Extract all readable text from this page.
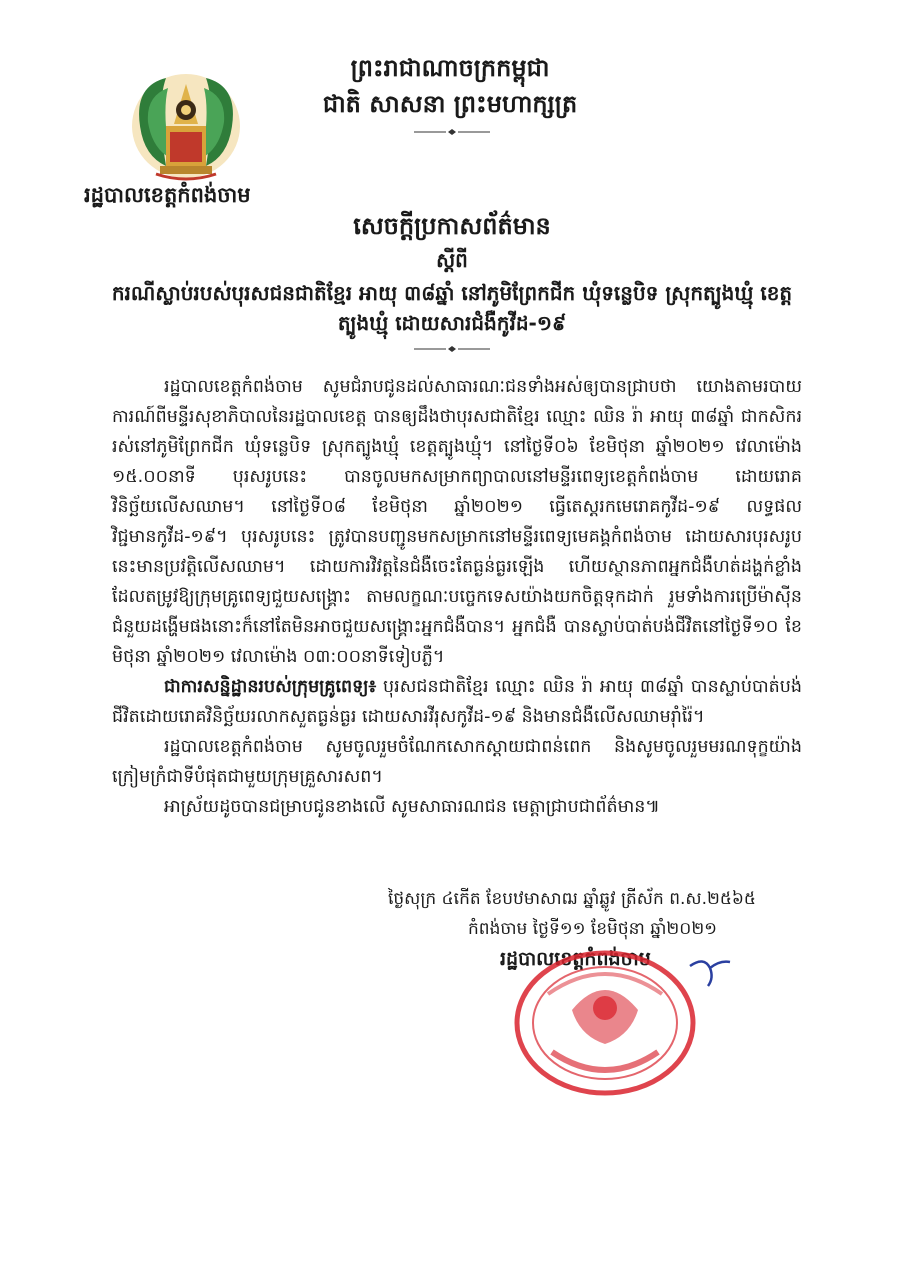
រដ្ឋបាលខេត្តកំពង់ចាម
ព្រះរាជាណាចក្រកម្ពុជា
ជាតិ សាសនា ព្រះមហាក្សត្រ
សេចក្តីប្រកាសព័ត៌មាន
ស្តីពី
ករណីស្លាប់របស់បុរសជនជាតិខ្មែរ អាយុ ៣៨ឆ្នាំ នៅភូមិព្រែកជីក ឃុំទន្លេបិទ ស្រុកត្បូងឃ្មុំ ខេត្តត្បូងឃ្មុំ ដោយសារជំងឺកូវីដ-១៩

រដ្ឋបាលខេត្តកំពង់ចាម សូមជំរាបជូនដល់សាធារណៈជនទាំងអស់ឲ្យបានជ្រាបថា យោងតាមរបាយការណ៍ពីមន្ទីរសុខាភិបាលនៃរដ្ឋបាលខេត្ត បានឲ្យដឹងថាបុរសជាតិខ្មែរ ឈ្មោះ ឈិន រ៉ា អាយុ ៣៨ឆ្នាំ ជាកសិករ រស់នៅភូមិព្រែកជីក ឃុំទន្លេបិទ ស្រុកត្បូងឃ្មុំ ខេត្តត្បូងឃ្មុំ។ នៅថ្ងៃទី០៦ ខែមិថុនា ឆ្នាំ២០២១ វេលាម៉ោង ១៥.០០នាទី បុរសរូបនេះ បានចូលមកសម្រាកព្យាបាលនៅមន្ទីរពេទ្យខេត្តកំពង់ចាម ដោយរោគវិនិច្ឆ័យលើសឈាម។ នៅថ្ងៃទី០៨ ខែមិថុនា ឆ្នាំ២០២១ ធ្វើតេស្តរកមេរោគកូវីដ-១៩ លទ្ធផលវិជ្ជមានកូវីដ-១៩។ បុរសរូបនេះ ត្រូវបានបញ្ជូនមកសម្រាកនៅមន្ទីរពេទ្យមេគង្គកំពង់ចាម ដោយសារបុរសរូបនេះមានប្រវត្តិលើសឈាម។ ដោយការវិវត្តនៃជំងឺចេះតែធ្ងន់ធ្ងរឡើង ហើយស្ថានភាពអ្នកជំងឺហត់ដង្ហក់ខ្លាំង ដែលតម្រូវឱ្យក្រុមគ្រូពេទ្យជួយសង្គ្រោះ តាមលក្ខណៈបច្ចេកទេសយ៉ាងយកចិត្តទុកដាក់ រួមទាំងការប្រើម៉ាស៊ីនជំនួយដង្ហើមផងនោះក៏នៅតែមិនអាចជួយសង្គ្រោះអ្នកជំងឺបាន។ អ្នកជំងឺ បានស្លាប់បាត់បង់ជីវិតនៅថ្ងៃទី១០ ខែមិថុនា ឆ្នាំ២០២១ វេលាម៉ោង ០៣:០០នាទីទៀបភ្លឺ។

ជាការសន្និដ្ឋានរបស់ក្រុមគ្រូពេទ្យ៖ បុរសជនជាតិខ្មែរ ឈ្មោះ ឈិន រ៉ា អាយុ ៣៨ឆ្នាំ បានស្លាប់បាត់បង់ជីវិតដោយរោគវិនិច្ឆ័យរលាកសួតធ្ងន់ធ្ងរ ដោយសារវីរុសកូវីដ-១៩ និងមានជំងឺលើសឈាមរ៉ាំរ៉ៃ។

រដ្ឋបាលខេត្តកំពង់ចាម សូមចូលរួមចំណែកសោកស្តាយជាពន់ពេក និងសូមចូលរួមមរណទុក្ខយ៉ាងក្រៀមក្រំជាទីបំផុតជាមួយក្រុមគ្រួសារសព។

អាស្រ័យដូចបានជម្រាបជូនខាងលើ សូមសាធារណជន មេត្តាជ្រាបជាព័ត៌មាន៕

ថ្ងៃសុក្រ ៤កើត ខែបឋមាសាឍ ឆ្នាំឆ្លូវ ត្រីស័ក ព.ស.២៥៦៥
កំពង់ចាម ថ្ងៃទី១១ ខែមិថុនា ឆ្នាំ២០២១
រដ្ឋបាលខេត្តកំពង់ចាម
